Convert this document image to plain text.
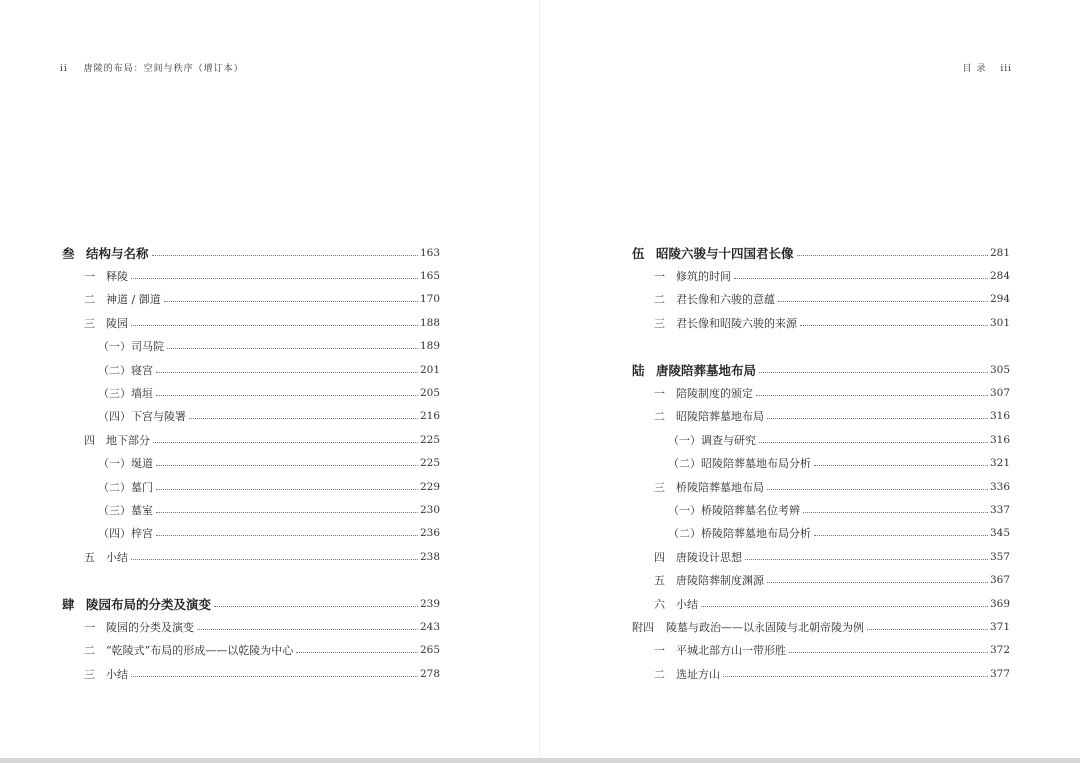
ii 唐陵的布局：空间与秩序（增订本）	目 录 iii
叁 结构与名称	163
一	释陵	165
二	神道 / 御道	170
三	陵园	188
（一）司马院	189
（二）寝宫	201
（三）墙垣	205
（四）下宫与陵署	216
四	地下部分	225
（一）埏道	225
（二）墓门	229
（三）墓室	230
（四）梓宫	236
五	小结	238
肆 陵园布局的分类及演变	239
一	陵园的分类及演变	243
二	“乾陵式”布局的形成——以乾陵为中心	265
三	小结	278
伍 昭陵六骏与十四国君长像	281
一	修筑的时间	284
二	君长像和六骏的意蕴	294
三	君长像和昭陵六骏的来源	301
陆 唐陵陪葬墓地布局	305
一	陪陵制度的颁定	307
二	昭陵陪葬墓地布局	316
（一）调查与研究	316
（二）昭陵陪葬墓地布局分析	321
三	桥陵陪葬墓地布局	336
（一）桥陵陪葬墓名位考辨	337
（二）桥陵陪葬墓地布局分析	345
四	唐陵设计思想	357
五	唐陵陪葬制度渊源	367
六	小结	369
附四	陵墓与政治——以永固陵与北朝帝陵为例	371
一	平城北部方山一带形胜	372
二	选址方山	377
